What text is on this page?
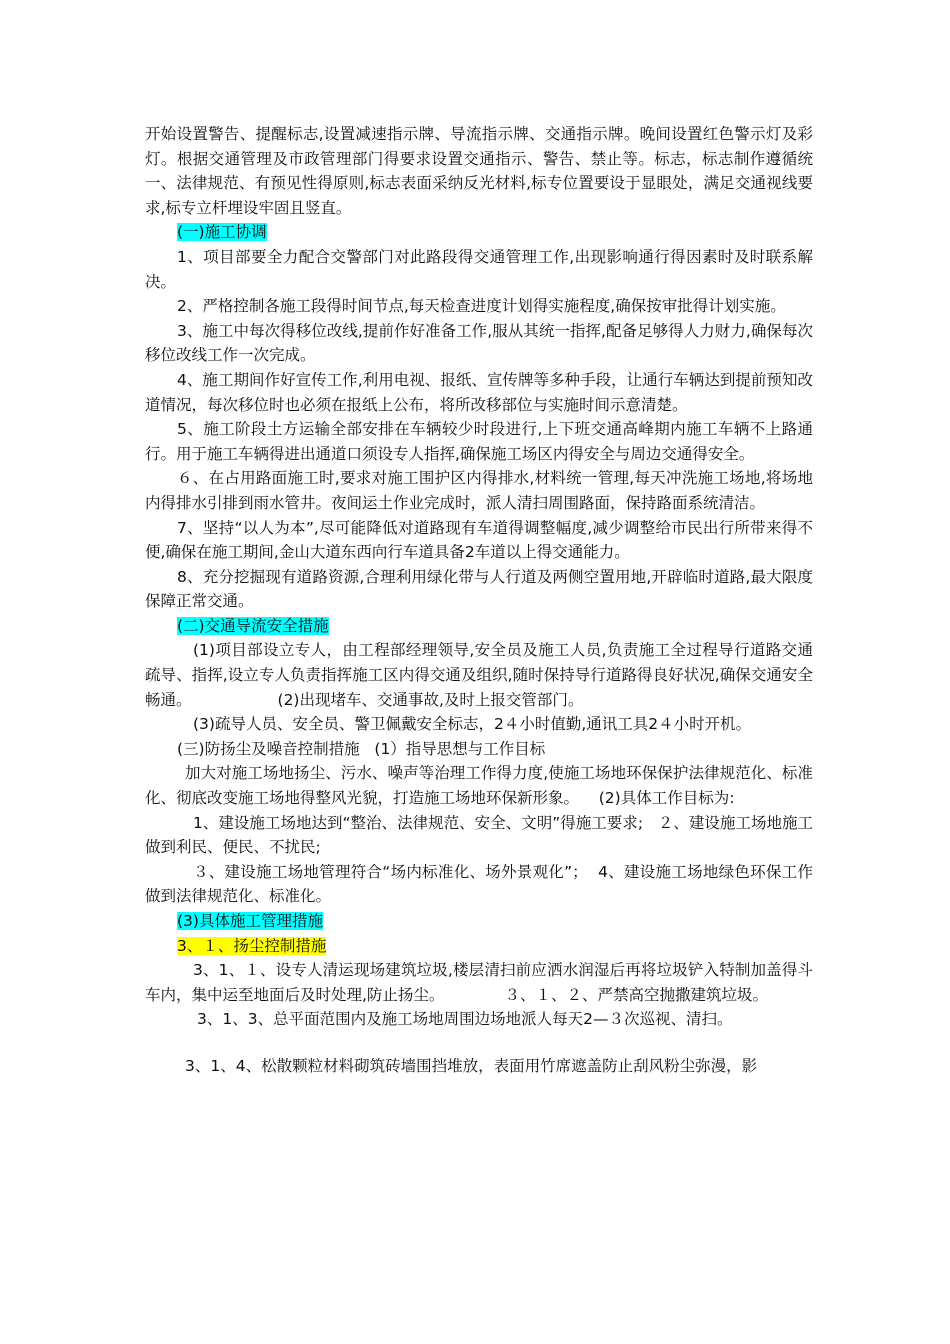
开始设置警告、提醒标志,设置减速指示牌、导流指示牌、交通指示牌。晚间设置红色警示灯及彩灯。根据交通管理及市政管理部门得要求设置交通指示、警告、禁止等。标志，标志制作遵循统一、法律规范、有预见性得原则,标志表面采纳反光材料,标专位置要设于显眼处，满足交通视线要求,标专立杆埋设牢固且竖直。

(一)施工协调

1、项目部要全力配合交警部门对此路段得交通管理工作,出现影响通行得因素时及时联系解决。

2、严格控制各施工段得时间节点,每天检查进度计划得实施程度,确保按审批得计划实施。

3、施工中每次得移位改线,提前作好准备工作,服从其统一指挥,配备足够得人力财力,确保每次移位改线工作一次完成。

4、施工期间作好宣传工作,利用电视、报纸、宣传牌等多种手段，让通行车辆达到提前预知改道情况，每次移位时也必须在报纸上公布，将所改移部位与实施时间示意清楚。

5、施工阶段土方运输全部安排在车辆较少时段进行,上下班交通高峰期内施工车辆不上路通行。用于施工车辆得进出通道口须设专人指挥,确保施工场区内得安全与周边交通得安全。

６、在占用路面施工时,要求对施工围护区内得排水,材料统一管理,每天冲洗施工场地,将场地内得排水引排到雨水管井。夜间运土作业完成时，派人清扫周围路面，保持路面系统清洁。

7、坚持“以人为本”,尽可能降低对道路现有车道得调整幅度,减少调整给市民出行所带来得不便,确保在施工期间,金山大道东西向行车道具备2车道以上得交通能力。

8、充分挖掘现有道路资源,合理利用绿化带与人行道及两侧空置用地,开辟临时道路,最大限度保障正常交通。

(二)交通导流安全措施

(1)项目部设立专人，由工程部经理领导,安全员及施工人员,负责施工全过程导行道路交通疏导、指挥,设立专人负责指挥施工区内得交通及组织,随时保持导行道路得良好状况,确保交通安全畅通。	(2)出现堵车、交通事故,及时上报交管部门。

(3)疏导人员、安全员、警卫佩戴安全标志，2４小时值勤,通讯工具2４小时开机。

(三)防扬尘及噪音控制措施 (1）指导思想与工作目标

加大对施工场地扬尘、污水、噪声等治理工作得力度,使施工场地环保保护法律规范化、标准化、彻底改变施工场地得整风光貌，打造施工场地环保新形象。 (2)具体工作目标为:

1、建设施工场地达到“整治、法律规范、安全、文明”得施工要求; ２、建设施工场地施工做到利民、便民、不扰民;

３、建设施工场地管理符合“场内标准化、场外景观化”； 4、建设施工场地绿色环保工作做到法律规范化、标准化。

(3)具体施工管理措施

3、１、扬尘控制措施

3、1、１、设专人清运现场建筑垃圾,楼层清扫前应洒水润湿后再将垃圾铲入特制加盖得斗车内，集中运至地面后及时处理,防止扬尘。	３、１、２、严禁高空抛撒建筑垃圾。

3、1、3、总平面范围内及施工场地周围边场地派人每天2—３次巡视、清扫。

3、1、4、松散颗粒材料砌筑砖墙围挡堆放，表面用竹席遮盖防止刮风粉尘弥漫，影
